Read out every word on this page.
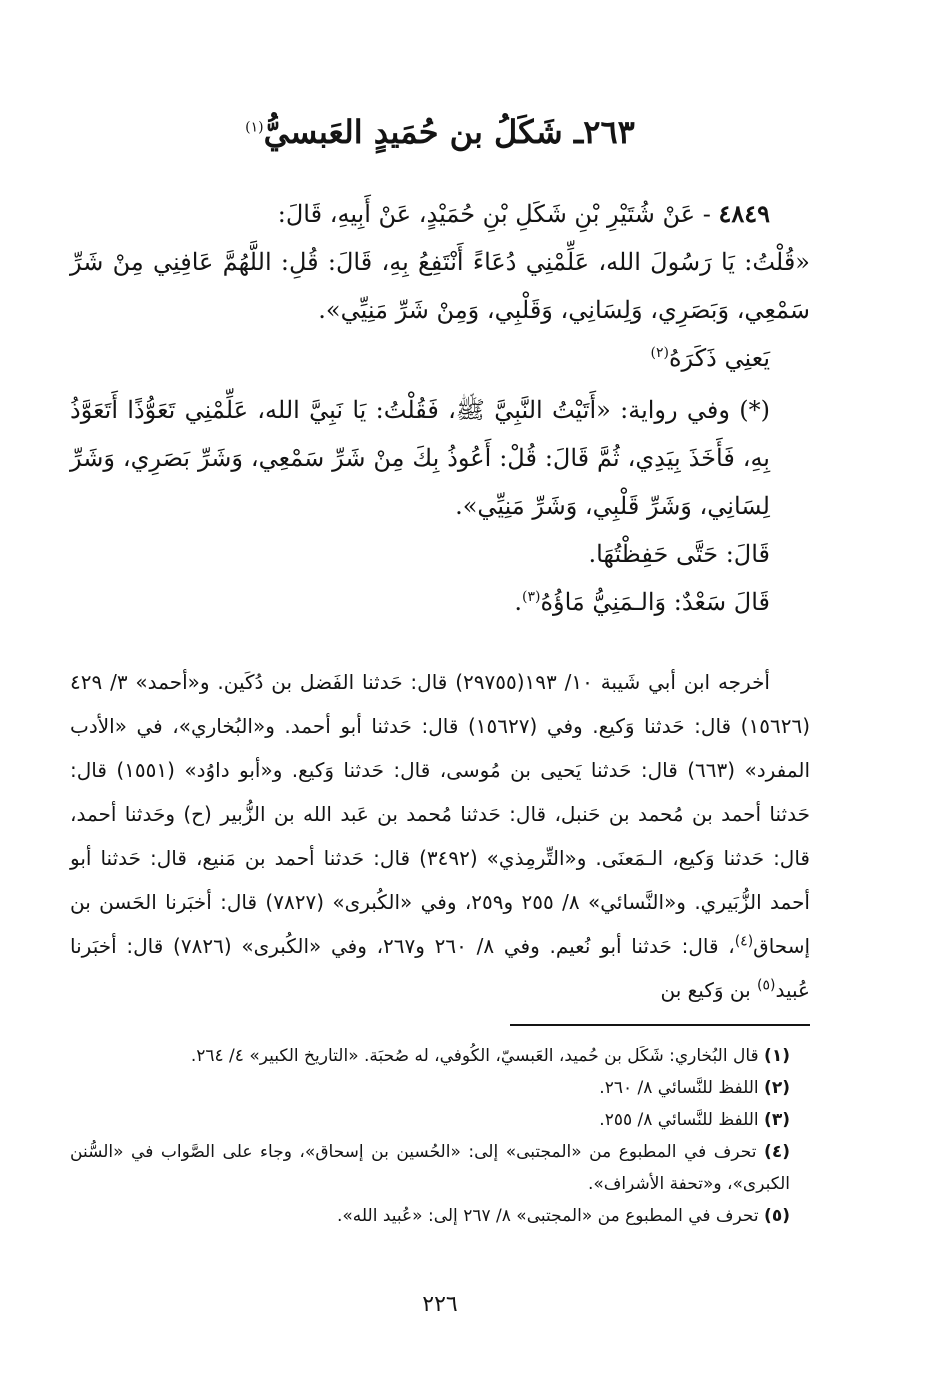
٢٦٣ـ شَكَلُ بن حُمَيدٍ العَبسيُّ$^{(١)}$

٤٨٤٩ - عَنْ شُتَيْرِ بْنِ شَكَلِ بْنِ حُمَيْدٍ، عَنْ أَبِيهِ، قَالَ:

«قُلْتُ: يَا رَسُولَ الله، عَلِّمْنِي دُعَاءً أَنْتَفِعُ بِهِ، قَالَ: قُلِ: اللَّهُمَّ عَافِنِي مِنْ شَرِّ سَمْعِي، وَبَصَرِي، وَلِسَانِي، وَقَلْبِي، وَمِنْ شَرِّ مَنِيِّي».

يَعنِي ذَكَرَهُ$^{(٢)}$

(*) وفي رواية: «أَتَيْتُ النَّبِيَّ ﷺ، فَقُلْتُ: يَا نَبِيَّ الله، عَلِّمْنِي تَعَوُّذًا أَتَعَوَّذُ بِهِ، فَأَخَذَ بِيَدِي، ثُمَّ قَالَ: قُلْ: أَعُوذُ بِكَ مِنْ شَرِّ سَمْعِي، وَشَرِّ بَصَرِي، وَشَرِّ لِسَانِي، وَشَرِّ قَلْبِي، وَشَرِّ مَنِيِّي».

قَالَ: حَتَّى حَفِظْتُهَا.

قَالَ سَعْدٌ: وَالـمَنِيُّ مَاؤُهُ$^{(٣)}$.

أخرجه ابن أبي شَيبة ١٠/ ١٩٣(٢٩٧٥٥) قال: حَدثنا الفَضل بن دُكَين. و«أحمد» ٣/ ٤٢٩ (١٥٦٢٦) قال: حَدثنا وَكيع. وفي (١٥٦٢٧) قال: حَدثنا أبو أحمد. و«البُخاري»، في «الأدب المفرد» (٦٦٣) قال: حَدثنا يَحيى بن مُوسى، قال: حَدثنا وَكيع. و«أبو داوُد» (١٥٥١) قال: حَدثنا أحمد بن مُحمد بن حَنبل، قال: حَدثنا مُحمد بن عَبد الله بن الزُّبير (ح) وحَدثنا أحمد، قال: حَدثنا وَكيع، الـمَعنَى. و«التِّرمِذي» (٣٤٩٢) قال: حَدثنا أحمد بن مَنيع، قال: حَدثنا أبو أحمد الزُّبَيري. و«النَّسائي» ٨/ ٢٥٥ و٢٥٩، وفي «الكُبرى» (٧٨٢٧) قال: أخبَرنا الحَسن بن إسحاق$^{(٤)}$، قال: حَدثنا أبو نُعيم. وفي ٨/ ٢٦٠ و٢٦٧، وفي «الكُبرى» (٧٨٢٦) قال: أخبَرنا عُبيد$^{(٥)}$ بن وَكيع بن

(١) قال البُخاري: شَكَل بن حُميد، العَبسيّ، الكُوفي، له صُحبَة. «التاريخ الكبير» ٤/ ٢٦٤.

(٢) اللفظ للنَّسائي ٨/ ٢٦٠.

(٣) اللفظ للنَّسائي ٨/ ٢٥٥.

(٤) تحرف في المطبوع من «المجتبى» إلى: «الحُسين بن إسحاق»، وجاء على الصَّواب في «السُّنن الكبرى»، و«تحفة الأشراف».

(٥) تحرف في المطبوع من «المجتبى» ٨/ ٢٦٧ إلى: «عُبيد الله».

٢٢٦
